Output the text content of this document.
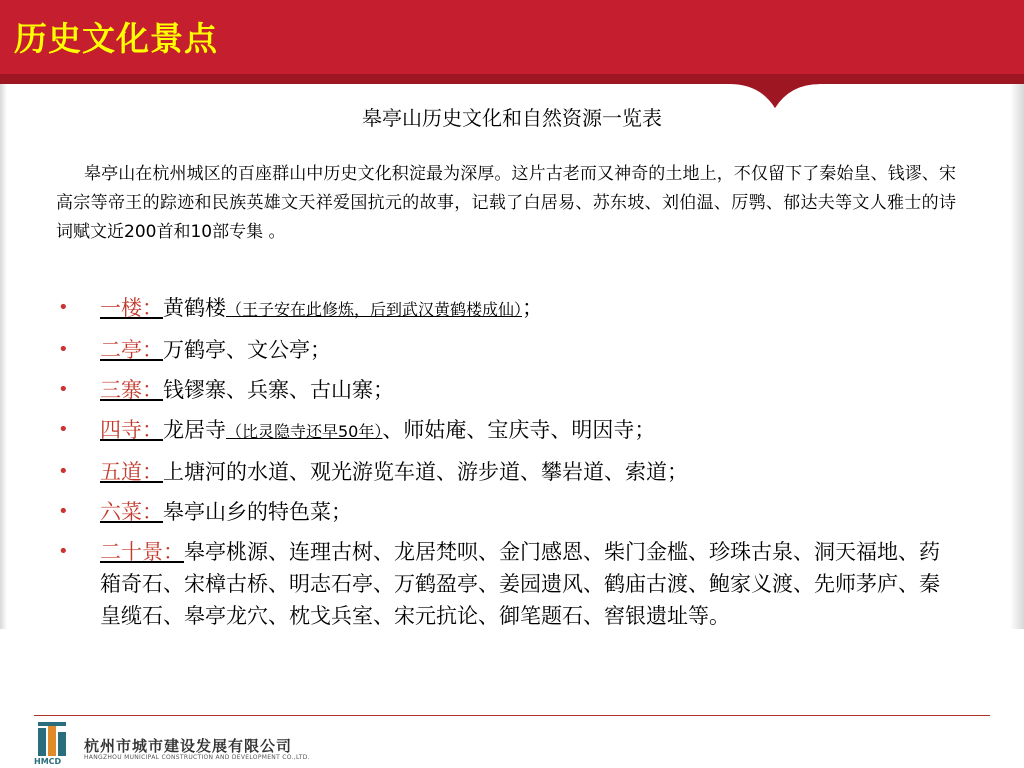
历史文化景点
皋亭山历史文化和自然资源一览表
皋亭山在杭州城区的百座群山中历史文化积淀最为深厚。这片古老而又神奇的土地上，不仅留下了秦始皇、钱谬、宋高宗等帝王的踪迹和民族英雄文天祥爱国抗元的故事，记载了白居易、苏东坡、刘伯温、厉鹗、郁达夫等文人雅士的诗词赋文近200首和10部专集 。
• 一楼：黄鹤楼（王子安在此修炼，后到武汉黄鹤楼成仙）；
• 二亭：万鹤亭、文公亭；
• 三寨：钱镠寨、兵寨、古山寨；
• 四寺：龙居寺（比灵隐寺还早50年）、师姑庵、宝庆寺、明因寺；
• 五道：上塘河的水道、观光游览车道、游步道、攀岩道、索道；
• 六菜：皋亭山乡的特色菜；
• 二十景：皋亭桃源、连理古树、龙居梵呗、金门感恩、柴门金槛、珍珠古泉、洞天福地、药箱奇石、宋樟古桥、明志石亭、万鹤盈亭、姜园遗风、鹤庙古渡、鲍家义渡、先师茅庐、秦皇缆石、皋亭龙穴、枕戈兵室、宋元抗论、御笔题石、窖银遗址等。
HMCD
杭州市城市建设发展有限公司
HANGZHOU MUNICIPAL CONSTRUCTION AND DEVELOPMENT CO.,LTD.
